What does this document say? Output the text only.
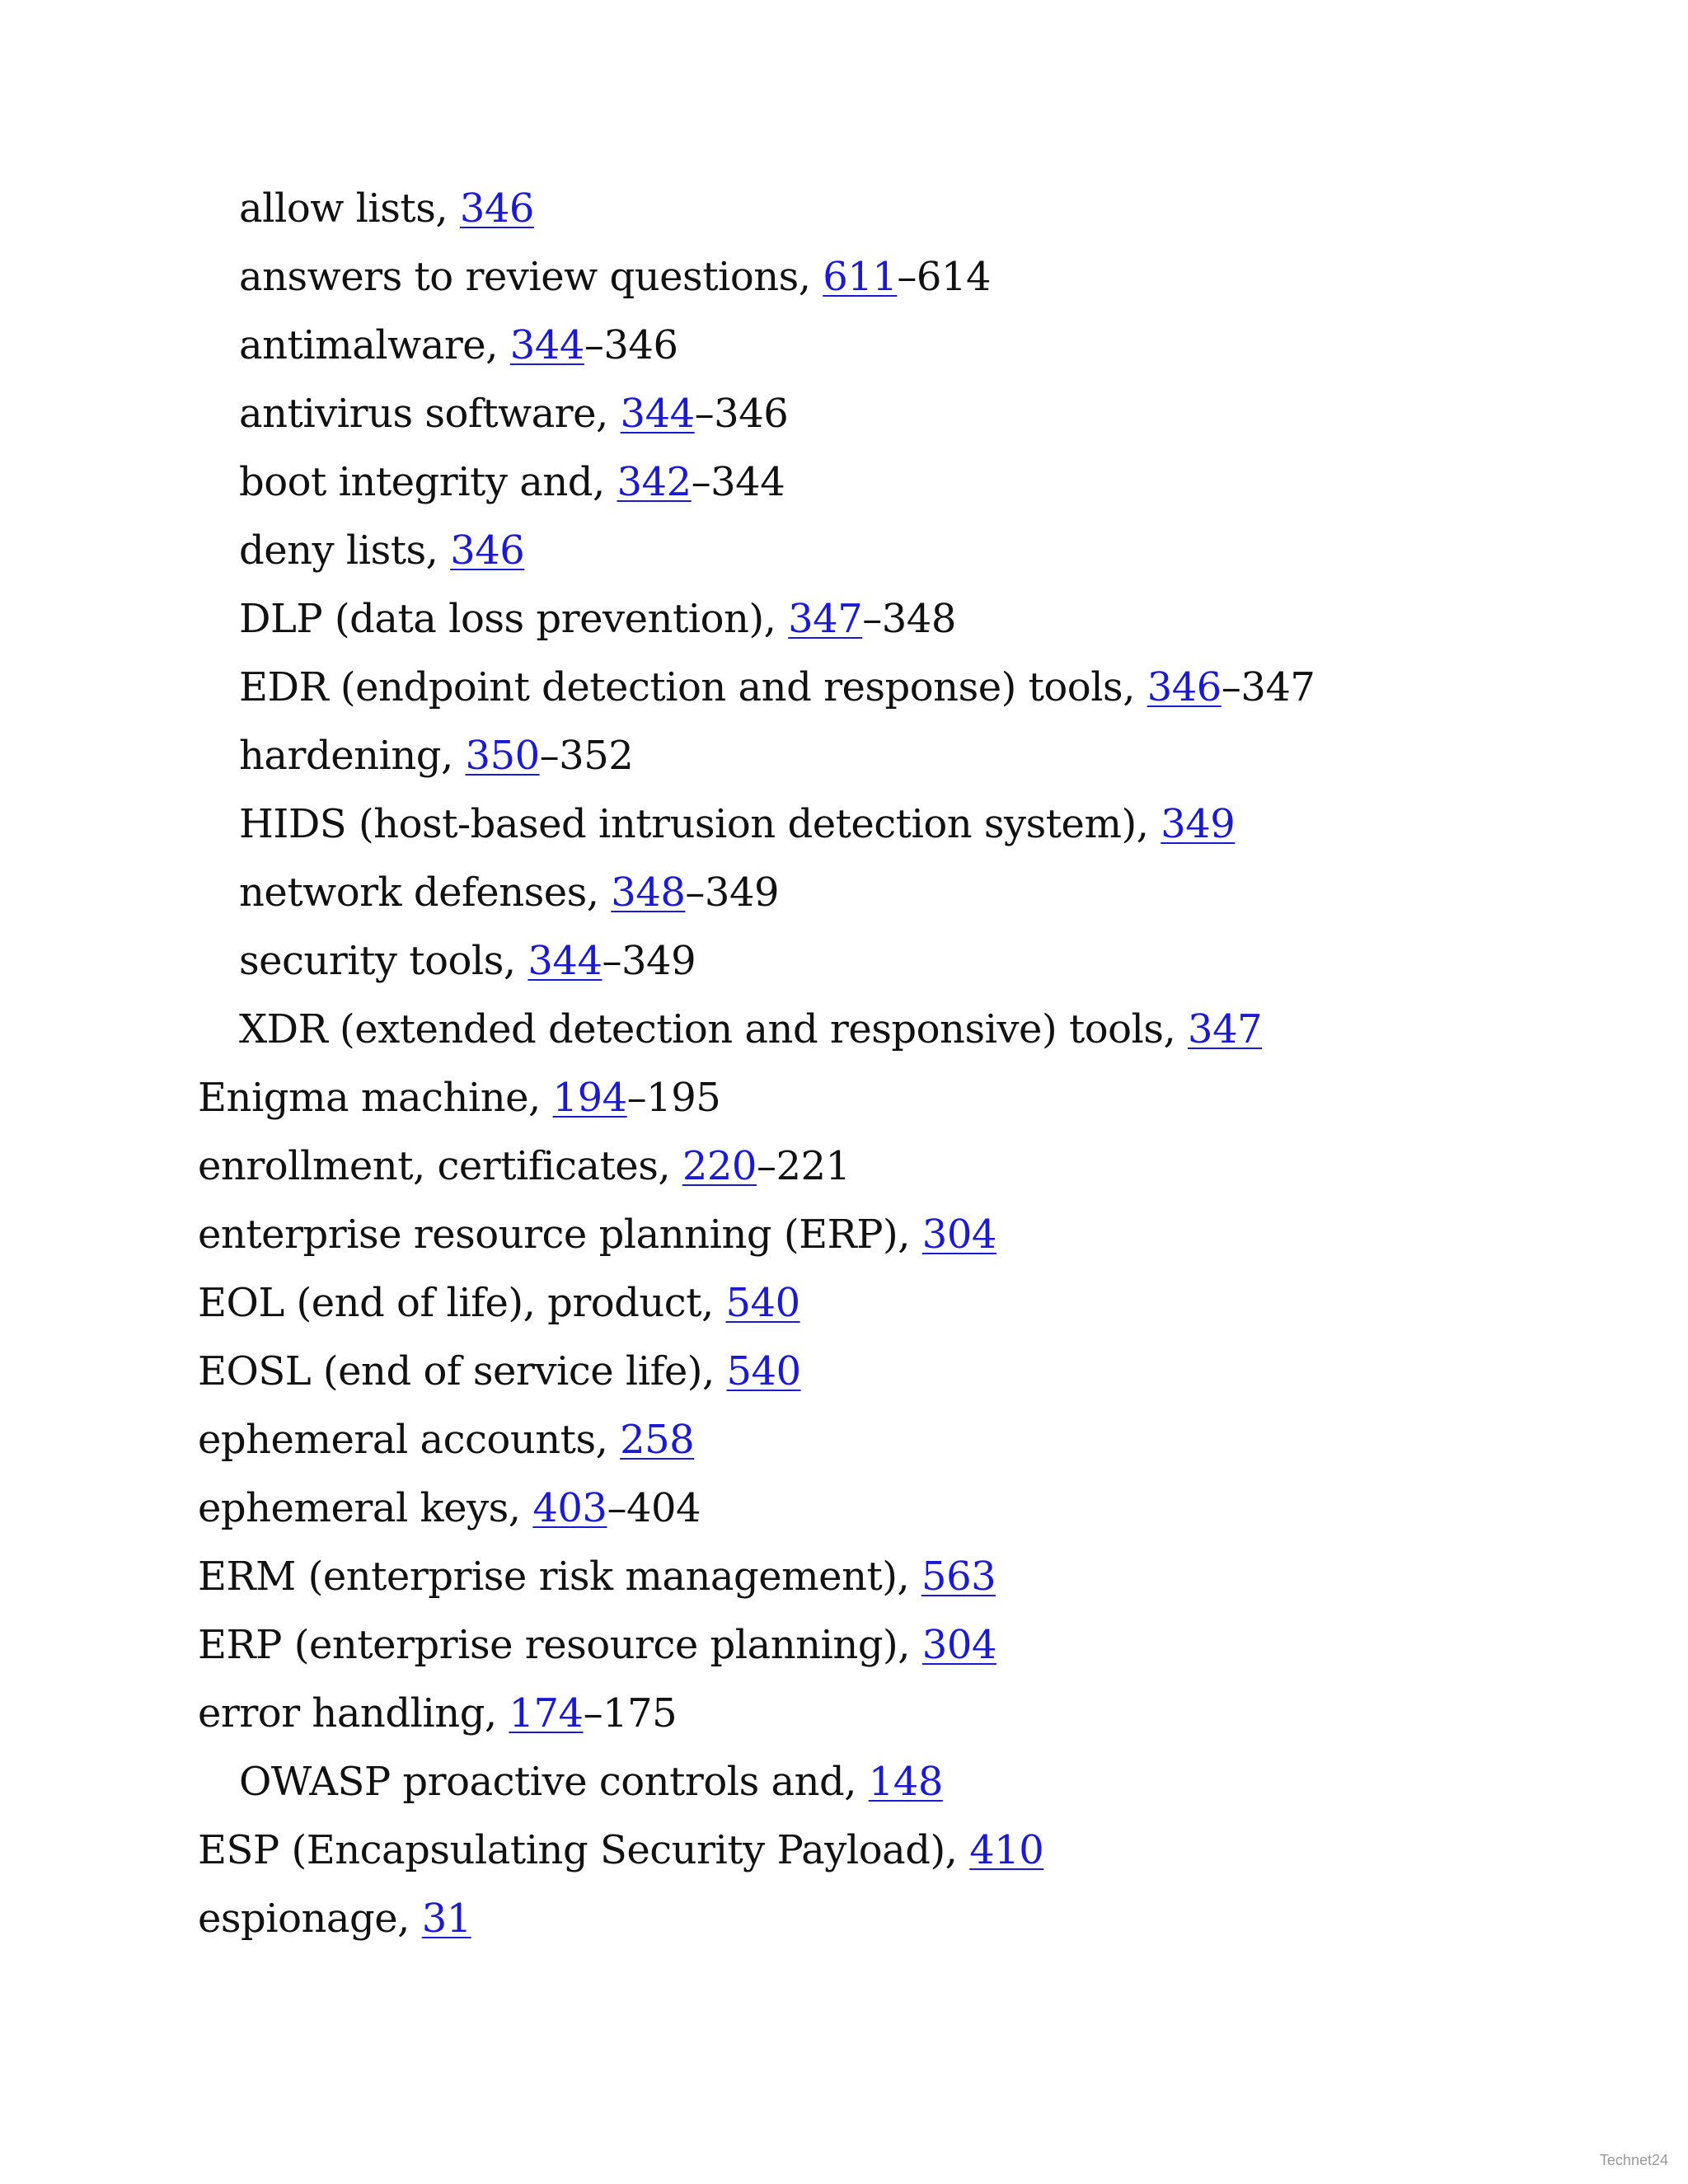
allow lists, 346
answers to review questions, 611–614
antimalware, 344–346
antivirus software, 344–346
boot integrity and, 342–344
deny lists, 346
DLP (data loss prevention), 347–348
EDR (endpoint detection and response) tools, 346–347
hardening, 350–352
HIDS (host-based intrusion detection system), 349
network defenses, 348–349
security tools, 344–349
XDR (extended detection and responsive) tools, 347
Enigma machine, 194–195
enrollment, certificates, 220–221
enterprise resource planning (ERP), 304
EOL (end of life), product, 540
EOSL (end of service life), 540
ephemeral accounts, 258
ephemeral keys, 403–404
ERM (enterprise risk management), 563
ERP (enterprise resource planning), 304
error handling, 174–175
OWASP proactive controls and, 148
ESP (Encapsulating Security Payload), 410
espionage, 31
Technet24
